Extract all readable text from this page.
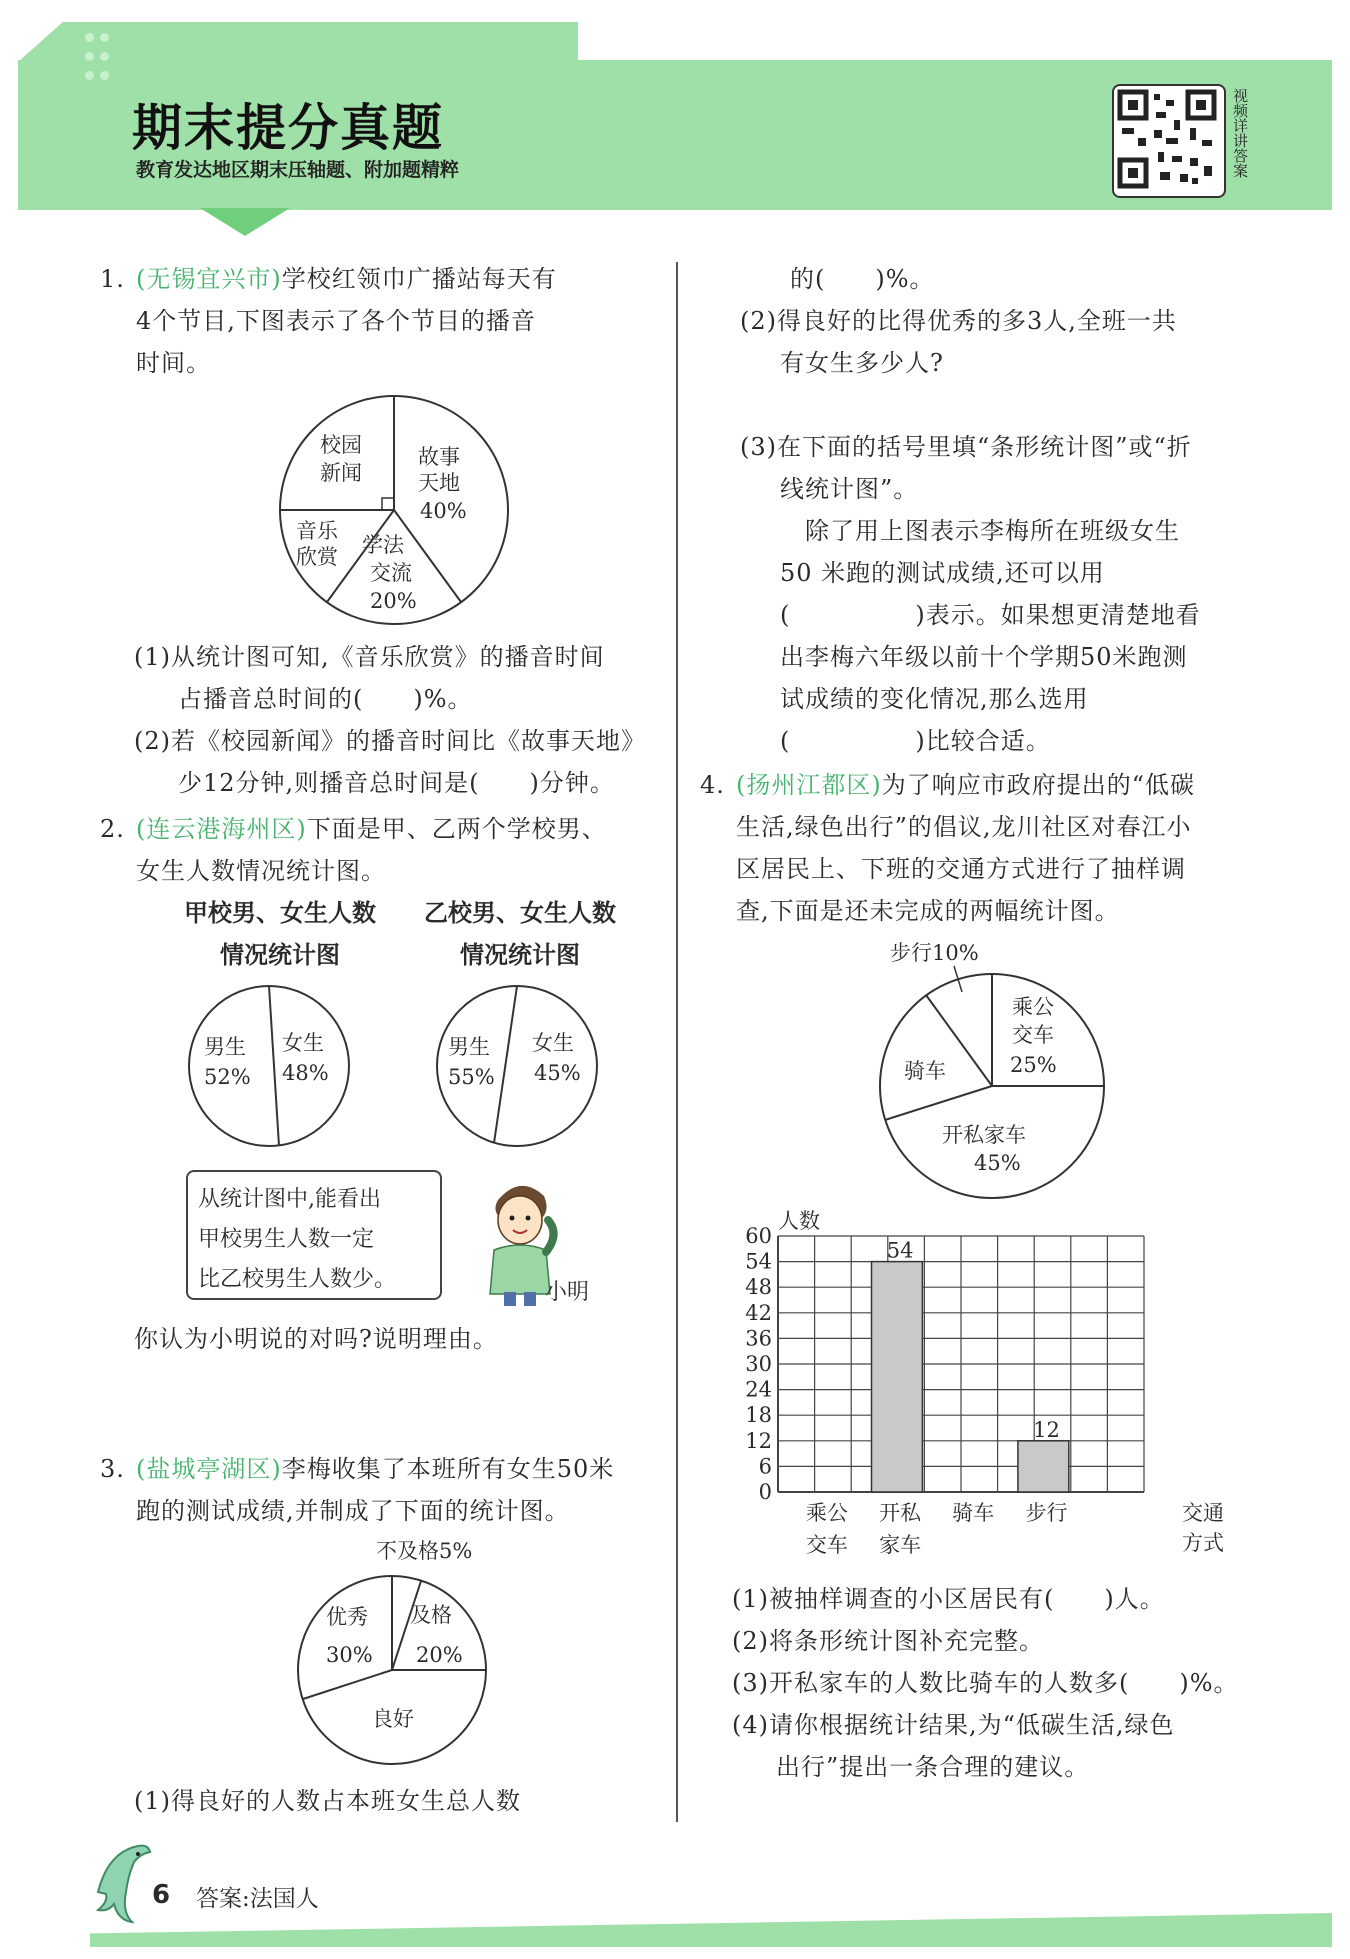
期末提分真题
教育发达地区期末压轴题、附加题精粹	视频详讲答案
1. (无锡宜兴市)学校红领巾广播站每天有
4个节目,下图表示了各个节目的播音
时间。
故事
天地
40%
学法
交流
20%
音乐
欣赏
校园
新闻
(1)从统计图可知,《音乐欣赏》的播音时间
占播音总时间的(　　)%。
(2)若《校园新闻》的播音时间比《故事天地》
少12分钟,则播音总时间是(　　)分钟。
2. (连云港海州区)下面是甲、乙两个学校男、
女生人数情况统计图。
甲校男、女生人数
情况统计图
乙校男、女生人数
情况统计图
男生
52%
女生
48%
男生
55%
女生
45%
从统计图中,能看出
甲校男生人数一定
比乙校男生人数少。
小明
你认为小明说的对吗?说明理由。
3. (盐城亭湖区)李梅收集了本班所有女生50米
跑的测试成绩,并制成了下面的统计图。
不及格5%
优秀
30%
及格
20%
良好
(1)得良好的人数占本班女生总人数
的(　　)%。
(2)得良好的比得优秀的多3人,全班一共
有女生多少人?
(3)在下面的括号里填“条形统计图”或“折
线统计图”。
　除了用上图表示李梅所在班级女生
50 米跑的测试成绩,还可以用
(　　　　　)表示。如果想更清楚地看
出李梅六年级以前十个学期50米跑测
试成绩的变化情况,那么选用
(　　　　　)比较合适。
4. (扬州江都区)为了响应市政府提出的“低碳
生活,绿色出行”的倡议,龙川社区对春江小
区居民上、下班的交通方式进行了抽样调
查,下面是还未完成的两幅统计图。
步行10%
乘公
交车
25%
骑车
开私家车
45%
0
6
12
18
24
30
36
42
48
54
60
54
12
乘公
交车
开私
家车
骑车 步行
人数
交通
方式
(1)被抽样调查的小区居民有(　　)人。
(2)将条形统计图补充完整。
(3)开私家车的人数比骑车的人数多(　　)%。
(4)请你根据统计结果,为“低碳生活,绿色
出行”提出一条合理的建议。
6 答案:法国人
